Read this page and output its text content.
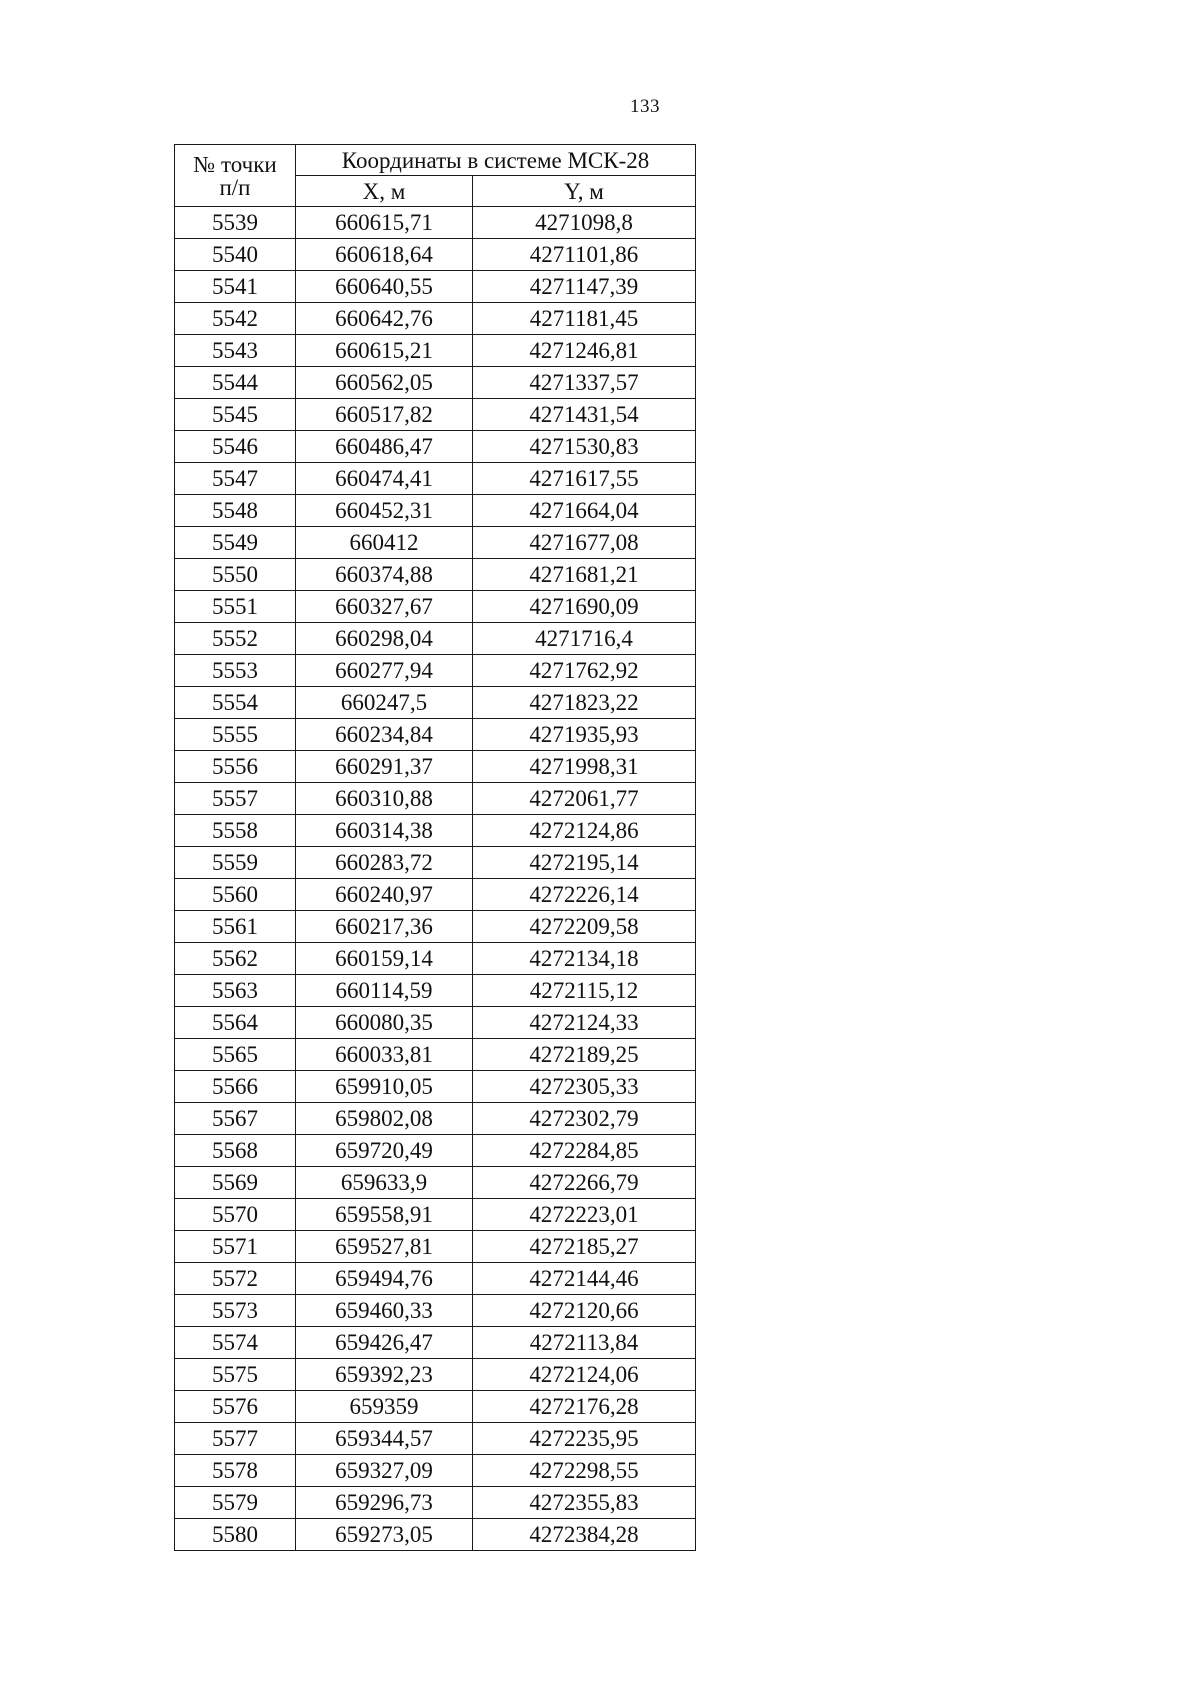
133
№ точки
п/п	Координаты в системе МСК-28	
	X, м	Y, м
5539	660615,71	4271098,8
5540	660618,64	4271101,86
5541	660640,55	4271147,39
5542	660642,76	4271181,45
5543	660615,21	4271246,81
5544	660562,05	4271337,57
5545	660517,82	4271431,54
5546	660486,47	4271530,83
5547	660474,41	4271617,55
5548	660452,31	4271664,04
5549	660412	4271677,08
5550	660374,88	4271681,21
5551	660327,67	4271690,09
5552	660298,04	4271716,4
5553	660277,94	4271762,92
5554	660247,5	4271823,22
5555	660234,84	4271935,93
5556	660291,37	4271998,31
5557	660310,88	4272061,77
5558	660314,38	4272124,86
5559	660283,72	4272195,14
5560	660240,97	4272226,14
5561	660217,36	4272209,58
5562	660159,14	4272134,18
5563	660114,59	4272115,12
5564	660080,35	4272124,33
5565	660033,81	4272189,25
5566	659910,05	4272305,33
5567	659802,08	4272302,79
5568	659720,49	4272284,85
5569	659633,9	4272266,79
5570	659558,91	4272223,01
5571	659527,81	4272185,27
5572	659494,76	4272144,46
5573	659460,33	4272120,66
5574	659426,47	4272113,84
5575	659392,23	4272124,06
5576	659359	4272176,28
5577	659344,57	4272235,95
5578	659327,09	4272298,55
5579	659296,73	4272355,83
5580	659273,05	4272384,28
